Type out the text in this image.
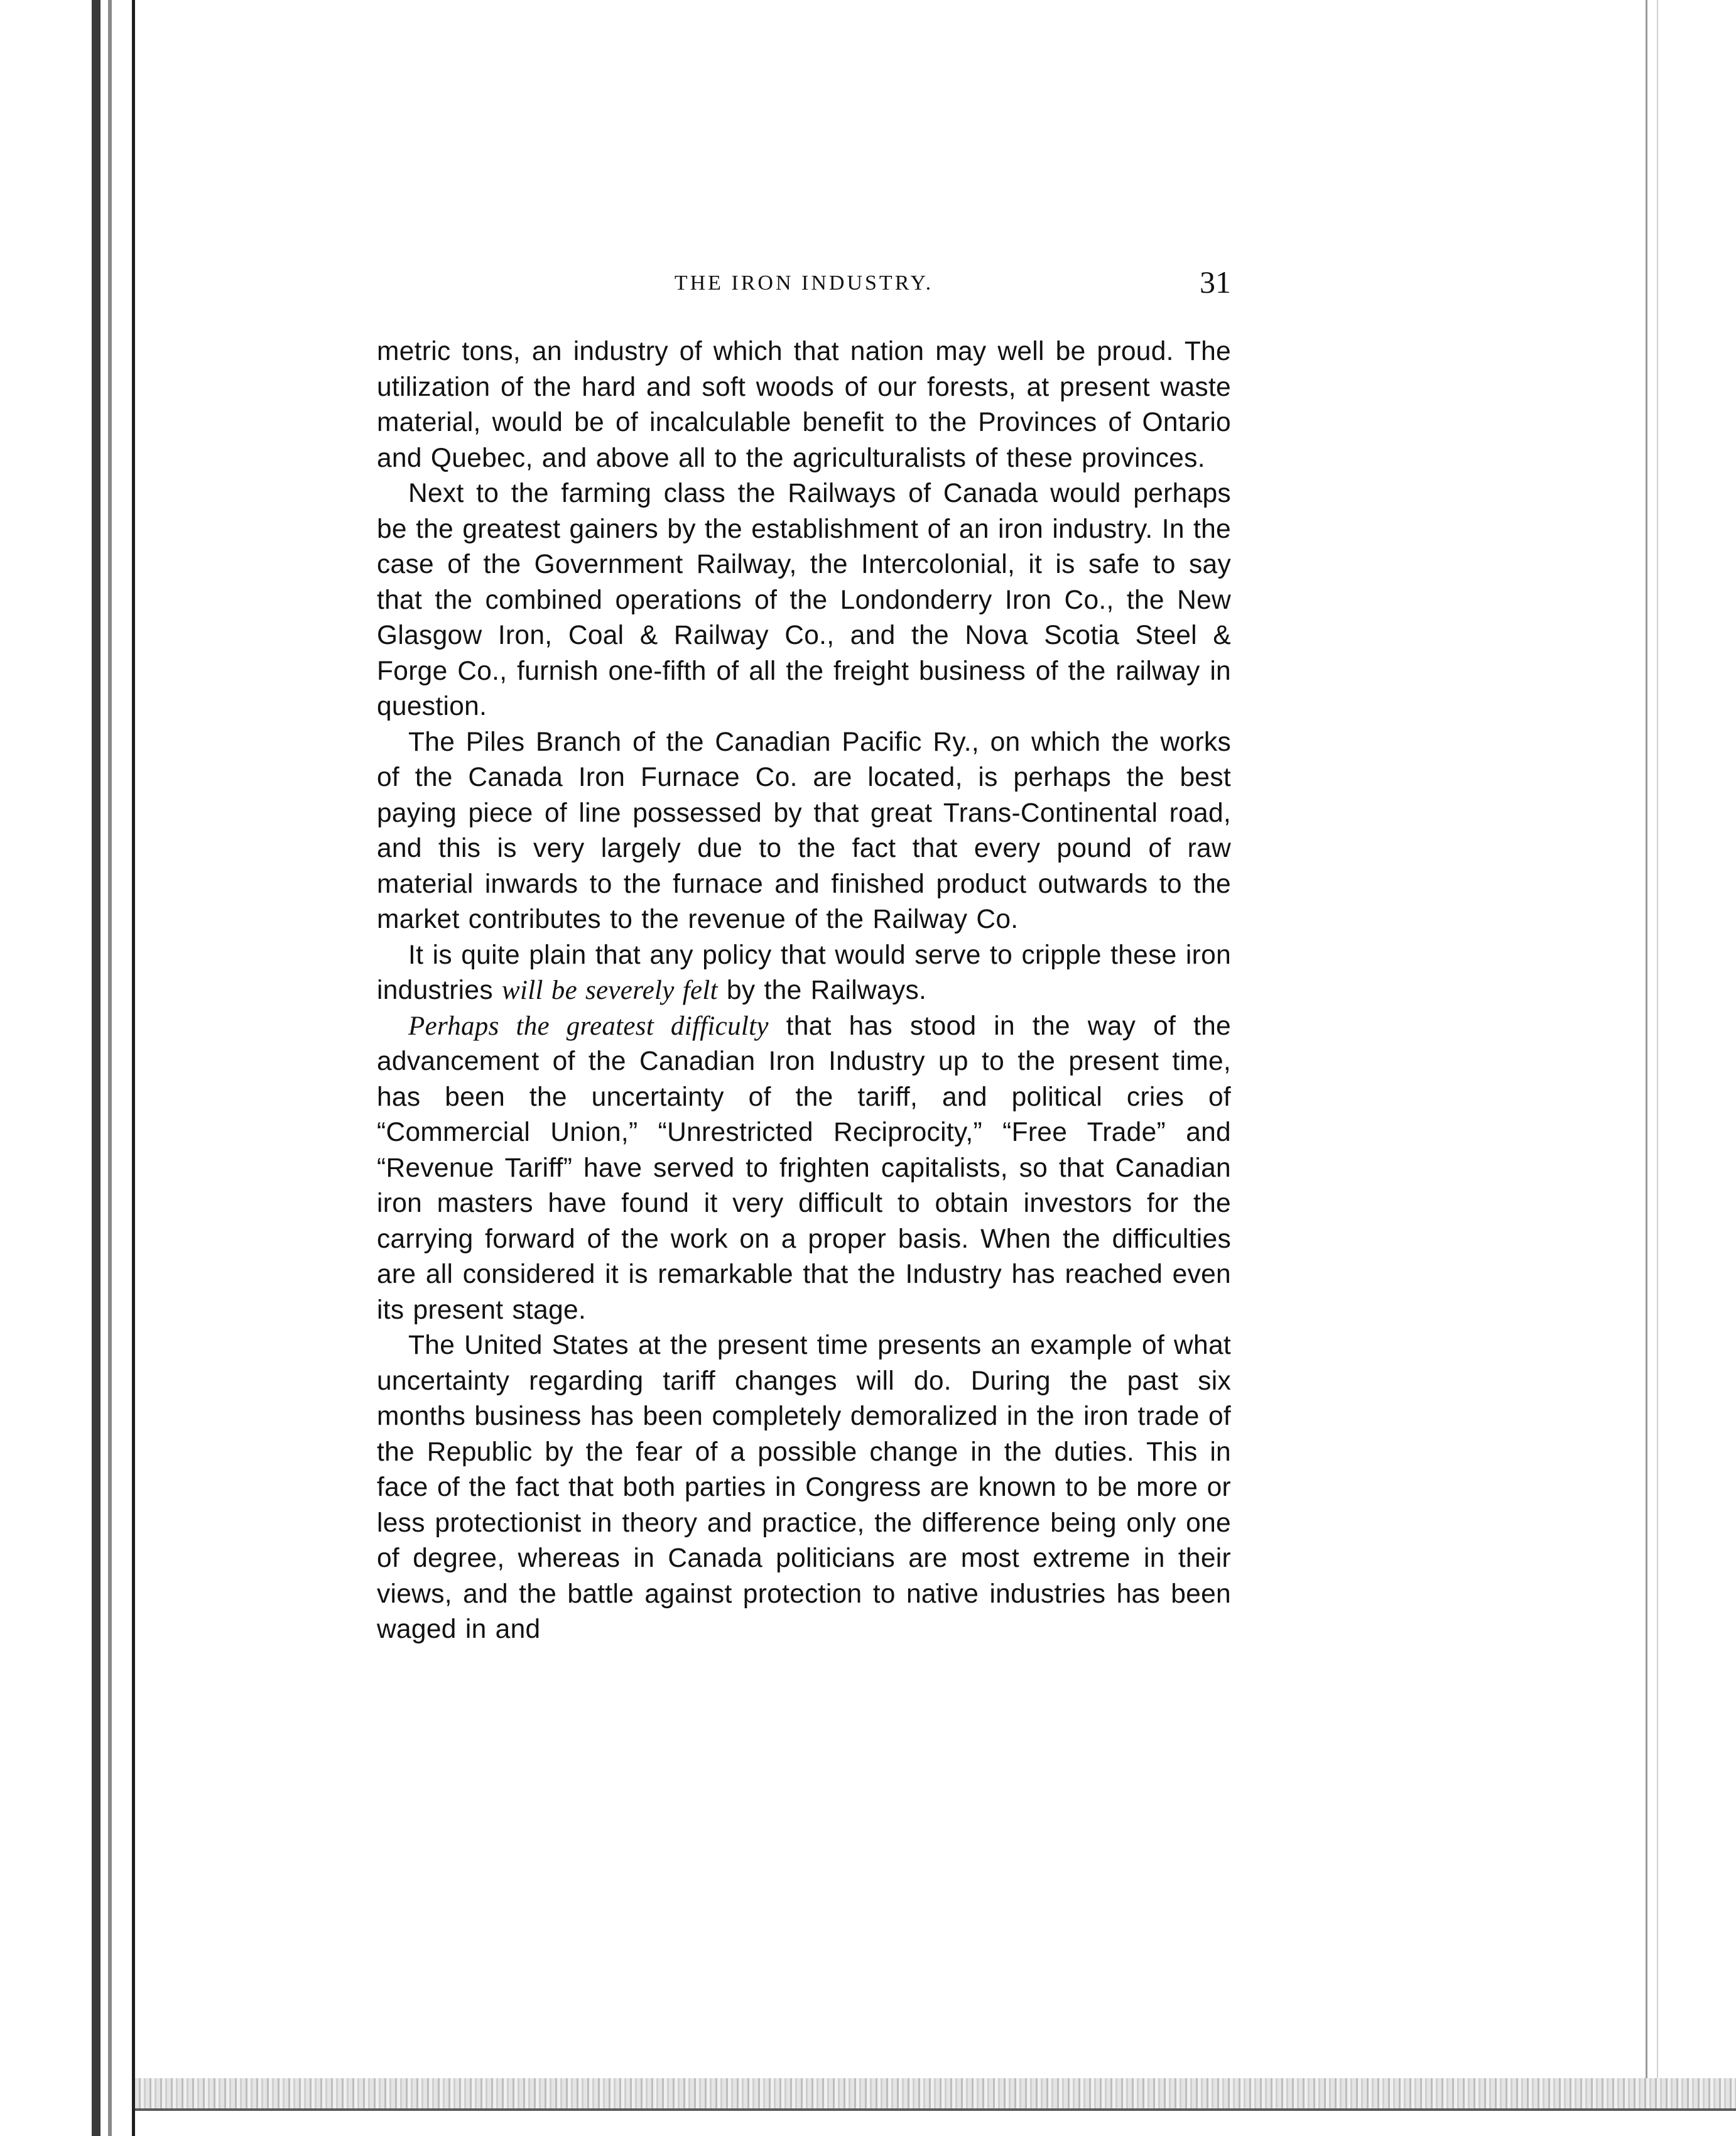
THE IRON INDUSTRY.	31

metric tons, an industry of which that nation may well be proud. The utilization of the hard and soft woods of our forests, at present waste material, would be of incalculable benefit to the Provinces of Ontario and Quebec, and above all to the agriculturalists of these provinces.

Next to the farming class the Railways of Canada would perhaps be the greatest gainers by the establishment of an iron industry. In the case of the Government Railway, the Intercolonial, it is safe to say that the combined operations of the Londonderry Iron Co., the New Glasgow Iron, Coal & Railway Co., and the Nova Scotia Steel & Forge Co., furnish one-fifth of all the freight business of the railway in question.

The Piles Branch of the Canadian Pacific Ry., on which the works of the Canada Iron Furnace Co. are located, is perhaps the best paying piece of line possessed by that great Trans-Continental road, and this is very largely due to the fact that every pound of raw material inwards to the furnace and finished product outwards to the market contributes to the revenue of the Railway Co.

It is quite plain that any policy that would serve to cripple these iron industries will be severely felt by the Railways.

Perhaps the greatest difficulty that has stood in the way of the advancement of the Canadian Iron Industry up to the present time, has been the uncertainty of the tariff, and political cries of “Commercial Union,” “Unrestricted Reciprocity,” “Free Trade” and “Revenue Tariff” have served to frighten capitalists, so that Canadian iron masters have found it very difficult to obtain investors for the carrying forward of the work on a proper basis. When the difficulties are all considered it is remarkable that the Industry has reached even its present stage.

The United States at the present time presents an example of what uncertainty regarding tariff changes will do. During the past six months business has been completely demoralized in the iron trade of the Republic by the fear of a possible change in the duties. This in face of the fact that both parties in Congress are known to be more or less protectionist in theory and practice, the difference being only one of degree, whereas in Canada politicians are most extreme in their views, and the battle against protection to native industries has been waged in and
